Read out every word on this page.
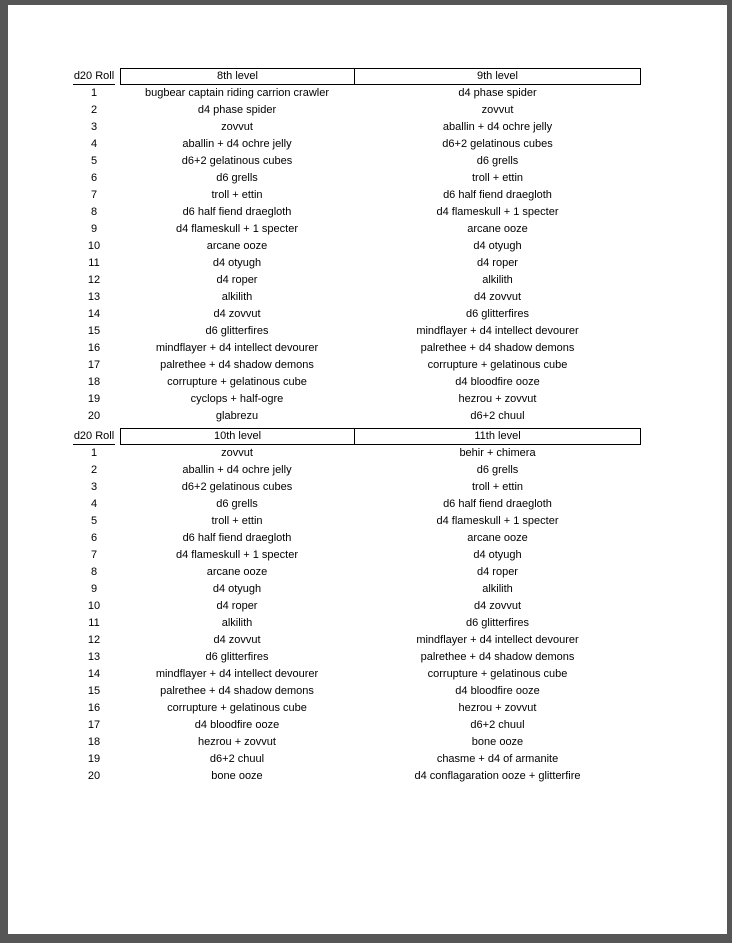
d20 Roll	8th level	9th level
1	bugbear captain riding carrion crawler	d4 phase spider
2	d4 phase spider	zovvut
3	zovvut	aballin + d4 ochre jelly
4	aballin + d4 ochre jelly	d6+2 gelatinous cubes
5	d6+2 gelatinous cubes	d6 grells
6	d6 grells	troll + ettin
7	troll + ettin	d6 half fiend draegloth
8	d6 half fiend draegloth	d4 flameskull + 1 specter
9	d4 flameskull + 1 specter	arcane ooze
10	arcane ooze	d4 otyugh
11	d4 otyugh	d4 roper
12	d4 roper	alkilith
13	alkilith	d4 zovvut
14	d4 zovvut	d6 glitterfires
15	d6 glitterfires	mindflayer + d4 intellect devourer
16	mindflayer + d4 intellect devourer	palrethee + d4 shadow demons
17	palrethee + d4 shadow demons	corrupture + gelatinous cube
18	corrupture + gelatinous cube	d4 bloodfire ooze
19	cyclops + half-ogre	hezrou + zovvut
20	glabrezu	d6+2 chuul
d20 Roll	10th level	11th level
1	zovvut	behir + chimera
2	aballin + d4 ochre jelly	d6 grells
3	d6+2 gelatinous cubes	troll + ettin
4	d6 grells	d6 half fiend draegloth
5	troll + ettin	d4 flameskull + 1 specter
6	d6 half fiend draegloth	arcane ooze
7	d4 flameskull + 1 specter	d4 otyugh
8	arcane ooze	d4 roper
9	d4 otyugh	alkilith
10	d4 roper	d4 zovvut
11	alkilith	d6 glitterfires
12	d4 zovvut	mindflayer + d4 intellect devourer
13	d6 glitterfires	palrethee + d4 shadow demons
14	mindflayer + d4 intellect devourer	corrupture + gelatinous cube
15	palrethee + d4 shadow demons	d4 bloodfire ooze
16	corrupture + gelatinous cube	hezrou + zovvut
17	d4 bloodfire ooze	d6+2 chuul
18	hezrou + zovvut	bone ooze
19	d6+2 chuul	chasme + d4 of armanite
20	bone ooze	d4 conflagaration ooze + glitterfire
